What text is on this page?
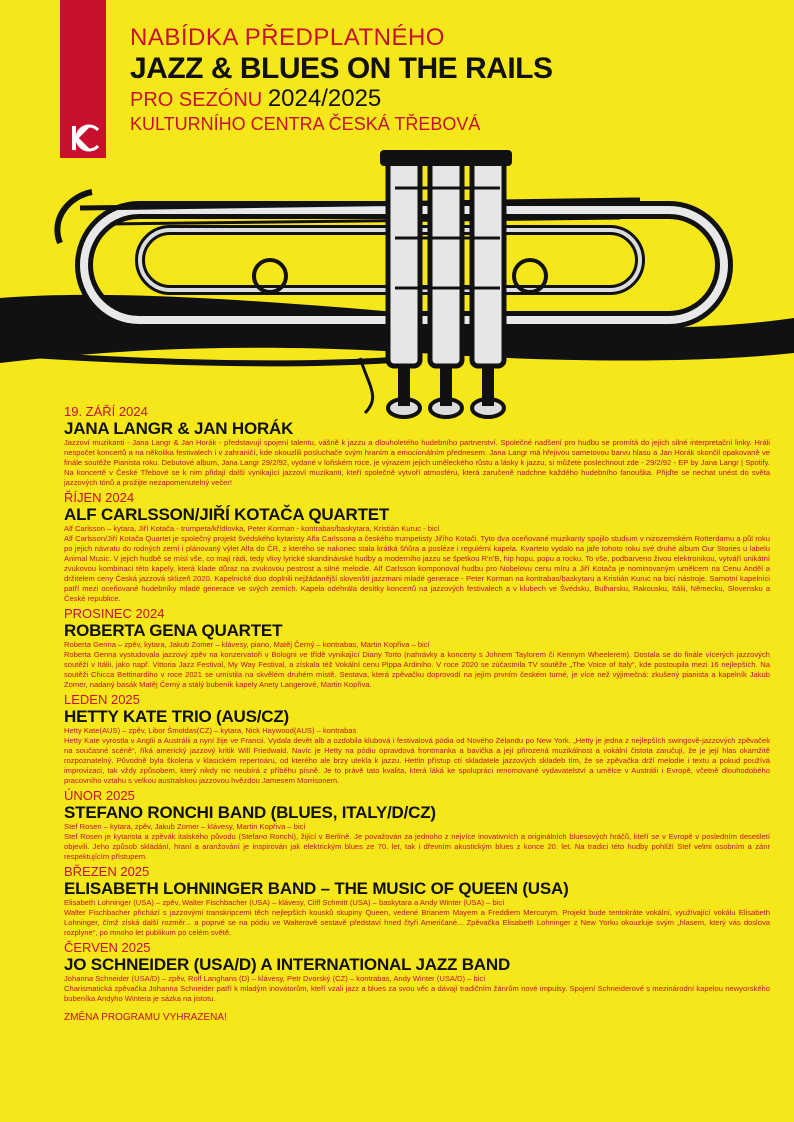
NABÍDKA PŘEDPLATNÉHO
JAZZ & BLUES ON THE RAILS
PRO SEZÓNU 2024/2025
KULTURNÍHO CENTRA ČESKÁ TŘEBOVÁ
19. ZÁŘÍ 2024
JANA LANGR & JAN HORÁK
Jazzoví muzikanti - Jana Langr & Jan Horák - představují spojení talentu, vášně k jazzu a dlouholetého hudebního partnerství. Společné nadšení pro hudbu se promítá do jejich silné interpretační linky. Hráli nespočet koncertů a na několika festivalech i v zahraničí, kde okouzlili posluchače svým hraním a emocionálním přednesem. Jana Langr má hřejivou sametovou barvu hlasu a Jan Horák skončil opakovaně ve finále soutěže Pianista roku. Debutové album, Jana Langr 29/2/92, vydané v loňském roce, je výrazem jejich uměleckého růstu a lásky k jazzu, si můžete poslechnout zde - 29/2/92 - EP by Jana Langr | Spotify. Na koncertě v České Třebové se k nim přidají další vynikající jazzoví muzikanti, kteří společně vytvoří atmosféru, která zaručeně nadchne každého hudebního fanouška. Přijďte se nechat unést do světa jazzových tónů a prožijte nezapomenutelný večer!
ŘÍJEN 2024
ALF CARLSSON/JIŘÍ KOTAČA QUARTET
Alf Carlsson – kytara, Jiří Kotača - trumpeta/křídlovka, Peter Korman - kontrabas/baskytara, Kristián Kuruc - bicí
Alf Carlsson/Jiří Kotača Quartet je společný projekt švédského kytaristy Alfa Carlssona a českého trumpetisty Jiřího Kotači. Tyto dva oceňované muzikanty spojilo studium v nizozemském Rotterdamu a půl roku po jejich návratu do rodných zemí i plánovaný výlet Alfa do ČR, z kterého se nakonec stala krátká šňůra a posléze i regulérní kapela. Kvarteto vydalo na jaře tohoto roku své druhé album Our Stories u labelu Animal Music. V jejich hudbě se mísí vše, co mají rádi, tedy vlivy lyrické skandinávské hudby a moderního jazzu se špetkou R'n'B, hip hopu, popu a rocku. To vše, podbarveno živou elektronikou, vytváří unikátní zvukovou kombinaci této kapely, která klade důraz na zvukovou pestrost a silné melodie. Alf Carlsson komponoval hudbu pro Nobelovu cenu míru a Jiří Kotača je nominovaným umělcem na Cenu Anděl a držitelem ceny Česká jazzová sklizeň 2020. Kapelnické duo doplnili nejžádanější slovenští jazzmani mladé generace - Peter Korman na kontrabas/baskytaru a Kristián Kuruc na bicí nástroje. Samotní kapelníci patří mezi oceňované hudebníky mladé generace ve svých zemích. Kapela odehrála desítky koncertů na jazzových festivalech a v klubech ve Švédsku, Bulharsku, Rakousku, Itálii, Německu, Slovensku a České republice.
PROSINEC 2024
ROBERTA GENA QUARTET
Roberta Genna – zpěv, kytara, Jakub Zomer – klávesy, piano, Matěj Černý – kontrabas, Martin Kopřiva – bicí
Roberta Genna vystudovala jazzový zpěv na konzervatoři v Bologni ve třídě vynikající Diany Torto (nahrávky a koncerty s Johnem Taylorem či Kennym Wheelerem). Dostala se do finále vícerých jazzových soutěží v Itálii, jako např. Vittoria Jazz Festival, My Way Festival, a získala též Vokální cenu Pippa Ardiniho. V roce 2020 se zúčastnila TV soutěže „The Voice of Italy“, kde postoupila mezi 16 nejlepších. Na soutěži Chicca Bettinardiho v roce 2021 se umístila na skvělém druhém místě. Sestava, která zpěvačku doprovodí na jejím prvním českém turné, je více než výjimečná: zkušený pianista a kapelník Jakub Zomer, nadaný basák Matěj Černý a stálý bubeník kapely Anety Langerové, Martin Kopřiva.
LEDEN 2025
HETTY KATE TRIO (AUS/CZ)
Hetty Kate(AUS) – zpěv, Libor Šmoldas(CZ) – kytara, Nick Haywood(AUS) – kontrabas
Hetty Kate vyrostla v Anglii a Austrálii a nyní žije ve Francii. Vydala devět alb a ozdobila klubová i festivalová pódia od Nového Zélandu po New York. „Hetty je jedna z nejlepších swingově-jazzových zpěvaček na současné scéně“, říká americký jazzový kritik Will Friedwald. Navíc je Hetty na pódiu opravdová frontmanka a bavička a její přirozená muzikálnost a vokální čistota zaručují, že je její hlas okamžitě rozpoznatelný. Původně byla školena v klasickém repertoáru, od kterého ale brzy utekla k jazzu. Hettin přístup ctí skladatele jazzových skladeb tím, že se zpěvačka drží melodie i textu a pokud používá improvizaci, tak vždy způsobem, který nikdy nic neubírá z příběhu písně. Je to právě tato kvalita, která láká ke spolupráci renomované vydavatelství a umělce v Austrálii i Evropě, včetně dlouhodobého pracovního vztahu s velkou australskou jazzovou hvězdou Jamesem Morrisonem.
ÚNOR 2025
STEFANO RONCHI BAND (BLUES, ITALY/D/CZ)
Stef Rosen – kytara, zpěv, Jakub Zomer – klávesy, Martin Kopřiva – bicí
Stef Rosen je kytarista a zpěvák italského původu (Stefano Ronchi), žijící v Berlíně. Je považován za jednoho z nejvíce inovativních a originálních bluesových hráčů, kteří se v Evropě v posledním desetiletí objevili. Jeho způsob skládání, hraní a aranžování je inspirován jak elektrickým blues ze 70. let, tak i dřevním akustickým blues z konce 20. let. Na tradici této hudby pohlíží Stef velmi osobním a zánr respektujícím přístupem.
BŘEZEN 2025
ELISABETH LOHNINGER BAND – THE MUSIC OF QUEEN (USA)
Elisabeth Lohninger (USA) – zpěv, Walter Fischbacher (USA) – klávesy, Cliff Schmitt (USA) – baskytara a Andy Winter (USA) – bicí
Walter Fischbacher přichází s jazzovými transkripcemi těch nejlepších kousků skupiny Queen, vedené Brianem Mayem a Freddiem Mercurym. Projekt bude tentokráte vokální, využívající vokálu Elisabeth Lohninger, čímž získá další rozměr... a poprvé se na pódiu ve Walterově sestavě představí hned čtyři Američané... Zpěvačka Elisabeth Lohninger z New Yorku okouzluje svým „hlasem, který vás doslova rozplyne“, po mnoho let publikum po celém světě.
ČERVEN 2025
JO SCHNEIDER (USA/D) A INTERNATIONAL JAZZ BAND
Johanna Schneider (USA/D) – zpěv, Rolf Langhans (D) – klávesy, Petr Dvorský (CZ) – kontrabas, Andy Winter (USA/D) – bicí
Charismatická zpěvačka Johanna Schneider patří k mladým inovátorům, kteří vzali jazz a blues za svou věc a dávají tradičním žánrům nové impulsy. Spojení Schneiderové s mezinárodní kapelou newyorského bubeníka Andyho Wintera je sázka na jistotu.
ZMĚNA PROGRAMU VYHRAZENA!
